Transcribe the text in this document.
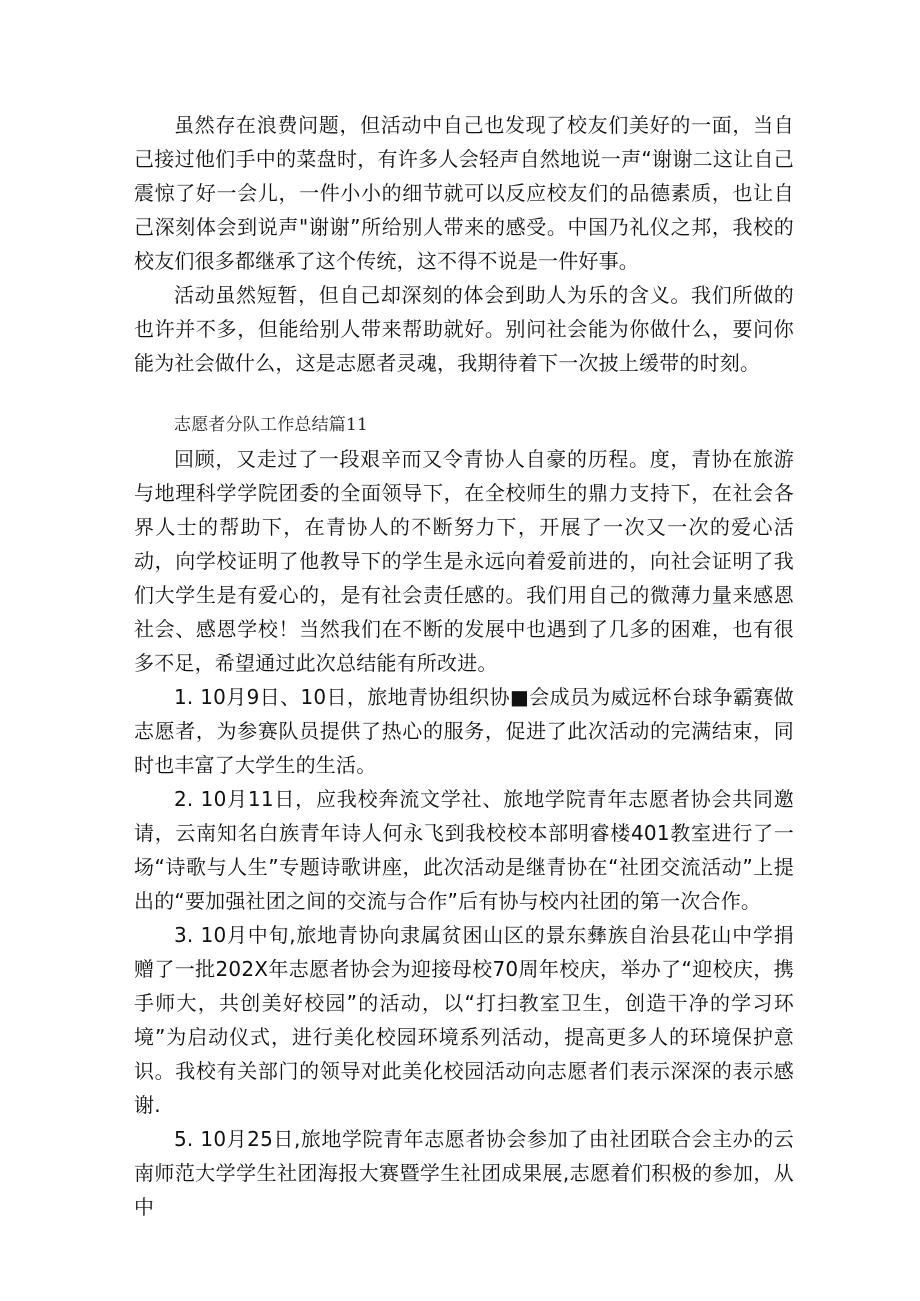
虽然存在浪费问题，但活动中自己也发现了校友们美好的一面，当自己接过他们手中的菜盘时，有许多人会轻声自然地说一声“谢谢二这让自己震惊了好一会儿，一件小小的细节就可以反应校友们的品德素质，也让自己深刻体会到说声"谢谢”所给别人带来的感受。中国乃礼仪之邦，我校的校友们很多都继承了这个传统，这不得不说是一件好事。

活动虽然短暂，但自己却深刻的体会到助人为乐的含义。我们所做的也许并不多，但能给别人带来帮助就好。别问社会能为你做什么，要问你能为社会做什么，这是志愿者灵魂，我期待着下一次披上缓带的时刻。

志愿者分队工作总结篇11

回顾，又走过了一段艰辛而又令青协人自豪的历程。度，青协在旅游与地理科学学院团委的全面领导下，在全校师生的鼎力支持下，在社会各界人士的帮助下，在青协人的不断努力下，开展了一次又一次的爱心活动，向学校证明了他教导下的学生是永远向着爱前进的，向社会证明了我们大学生是有爱心的，是有社会责任感的。我们用自己的微薄力量来感恩社会、感恩学校！当然我们在不断的发展中也遇到了几多的困难，也有很多不足，希望通过此次总结能有所改进。

1. 10月9日、10日，旅地青协组织协■会成员为威远杯台球争霸赛做志愿者，为参赛队员提供了热心的服务，促进了此次活动的完满结束，同时也丰富了大学生的生活。

2. 10月11日，应我校奔流文学社、旅地学院青年志愿者协会共同邀请，云南知名白族青年诗人何永飞到我校校本部明睿楼401教室进行了一场“诗歌与人生”专题诗歌讲座，此次活动是继青协在“社团交流活动”上提出的“要加强社团之间的交流与合作”后有协与校内社团的第一次合作。

3. 10月中旬,旅地青协向隶属贫困山区的景东彝族自治县花山中学捐赠了一批202X年志愿者协会为迎接母校70周年校庆，举办了“迎校庆，携手师大，共创美好校园”的活动，以“打扫教室卫生，创造干净的学习环境”为启动仪式，进行美化校园环境系列活动，提高更多人的环境保护意识。我校有关部门的领导对此美化校园活动向志愿者们表示深深的表示感谢.

5. 10月25日,旅地学院青年志愿者协会参加了由社团联合会主办的云南师范大学学生社团海报大赛暨学生社团成果展,志愿着们积极的参加，从中
